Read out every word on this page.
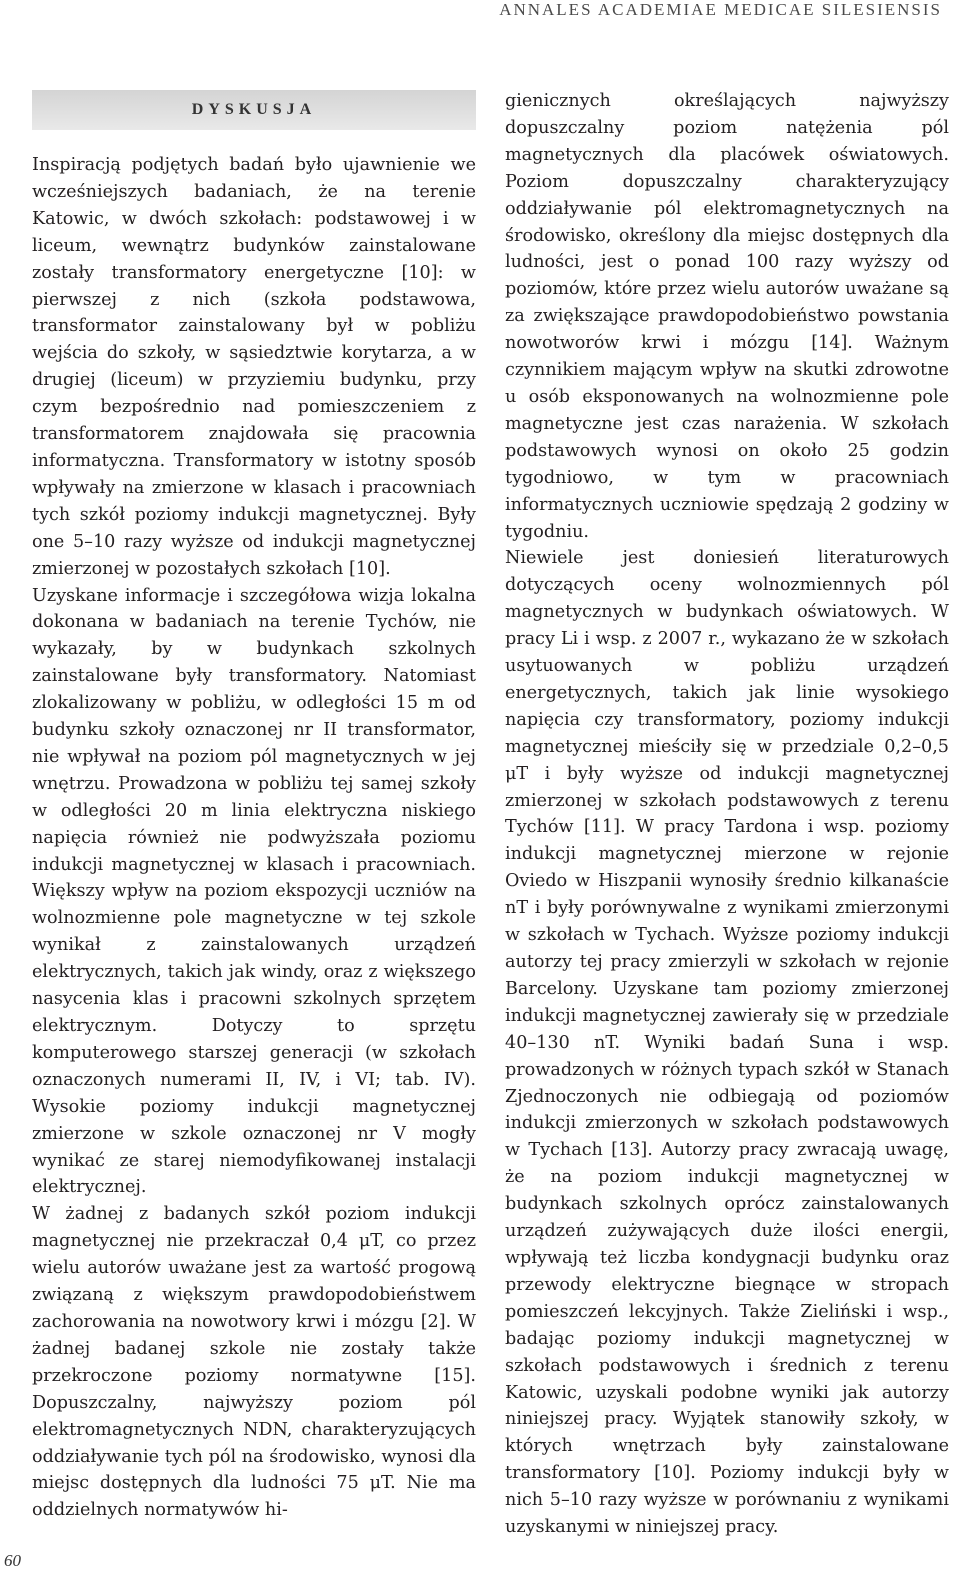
ANNALES ACADEMIAE MEDICAE SILESIENSIS
DYSKUSJA

Inspiracją podjętych badań było ujawnienie we wcześniejszych badaniach, że na terenie Katowic, w dwóch szkołach: podstawowej i w liceum, wewnątrz budynków zainstalowane zostały transformatory energetyczne [10]: w pierwszej z nich (szkoła podstawowa, transformator zainstalowany był w pobliżu wejścia do szkoły, w sąsiedztwie korytarza, a w drugiej (liceum) w przyziemiu budynku, przy czym bezpośrednio nad pomieszczeniem z transformatorem znajdowała się pracownia informatyczna. Transformatory w istotny sposób wpływały na zmierzone w klasach i pracowniach tych szkół poziomy indukcji magnetycznej. Były one 5–10 razy wyższe od indukcji magnetycznej zmierzonej w pozostałych szkołach [10].

Uzyskane informacje i szczegółowa wizja lokalna dokonana w badaniach na terenie Tychów, nie wykazały, by w budynkach szkolnych zainstalowane były transformatory. Natomiast zlokalizowany w pobliżu, w odległości 15 m od budynku szkoły oznaczonej nr II transformator, nie wpływał na poziom pól magnetycznych w jej wnętrzu. Prowadzona w pobliżu tej samej szkoły w odległości 20 m linia elektryczna niskiego napięcia również nie podwyższała poziomu indukcji magnetycznej w klasach i pracowniach. Większy wpływ na poziom ekspozycji uczniów na wolnozmienne pole magnetyczne w tej szkole wynikał z zainstalowanych urządzeń elektrycznych, takich jak windy, oraz z większego nasycenia klas i pracowni szkolnych sprzętem elektrycznym. Dotyczy to sprzętu komputerowego starszej generacji (w szkołach oznaczonych numerami II, IV, i VI; tab. IV). Wysokie poziomy indukcji magnetycznej zmierzone w szkole oznaczonej nr V mogły wynikać ze starej niemodyfikowanej instalacji elektrycznej.

W żadnej z badanych szkół poziom indukcji magnetycznej nie przekraczał 0,4 μT, co przez wielu autorów uważane jest za wartość progową związaną z większym prawdopodobieństwem zachorowania na nowotwory krwi i mózgu [2]. W żadnej badanej szkole nie zostały także przekroczone poziomy normatywne [15]. Dopuszczalny, najwyższy poziom pól elektromagnetycznych NDN, charakteryzujących oddziaływanie tych pól na środowisko, wynosi dla miejsc dostępnych dla ludności 75 μT. Nie ma oddzielnych normatywów hi-

gienicznych określających najwyższy dopuszczalny poziom natężenia pól magnetycznych dla placówek oświatowych. Poziom dopuszczalny charakteryzujący oddziaływanie pól elektromagnetycznych na środowisko, określony dla miejsc dostępnych dla ludności, jest o ponad 100 razy wyższy od poziomów, które przez wielu autorów uważane są za zwiększające prawdopodobieństwo powstania nowotworów krwi i mózgu [14]. Ważnym czynnikiem mającym wpływ na skutki zdrowotne u osób eksponowanych na wolnozmienne pole magnetyczne jest czas narażenia. W szkołach podstawowych wynosi on około 25 godzin tygodniowo, w tym w pracowniach informatycznych uczniowie spędzają 2 godziny w tygodniu.

Niewiele jest doniesień literaturowych dotyczących oceny wolnozmiennych pól magnetycznych w budynkach oświatowych. W pracy Li i wsp. z 2007 r., wykazano że w szkołach usytuowanych w pobliżu urządzeń energetycznych, takich jak linie wysokiego napięcia czy transformatory, poziomy indukcji magnetycznej mieściły się w przedziale 0,2–0,5 μT i były wyższe od indukcji magnetycznej zmierzonej w szkołach podstawowych z terenu Tychów [11]. W pracy Tardona i wsp. poziomy indukcji magnetycznej mierzone w rejonie Oviedo w Hiszpanii wynosiły średnio kilkanaście nT i były porównywalne z wynikami zmierzonymi w szkołach w Tychach. Wyższe poziomy indukcji autorzy tej pracy zmierzyli w szkołach w rejonie Barcelony. Uzyskane tam poziomy zmierzonej indukcji magnetycznej zawierały się w przedziale 40–130 nT. Wyniki badań Suna i wsp. prowadzonych w różnych typach szkół w Stanach Zjednoczonych nie odbiegają od poziomów indukcji zmierzonych w szkołach podstawowych w Tychach [13]. Autorzy pracy zwracają uwagę, że na poziom indukcji magnetycznej w budynkach szkolnych oprócz zainstalowanych urządzeń zużywających duże ilości energii, wpływają też liczba kondygnacji budynku oraz przewody elektryczne biegnące w stropach pomieszczeń lekcyjnych. Także Zieliński i wsp., badając poziomy indukcji magnetycznej w szkołach podstawowych i średnich z terenu Katowic, uzyskali podobne wyniki jak autorzy niniejszej pracy. Wyjątek stanowiły szkoły, w których wnętrzach były zainstalowane transformatory [10]. Poziomy indukcji były w nich 5–10 razy wyższe w porównaniu z wynikami uzyskanymi w niniejszej pracy.

60
